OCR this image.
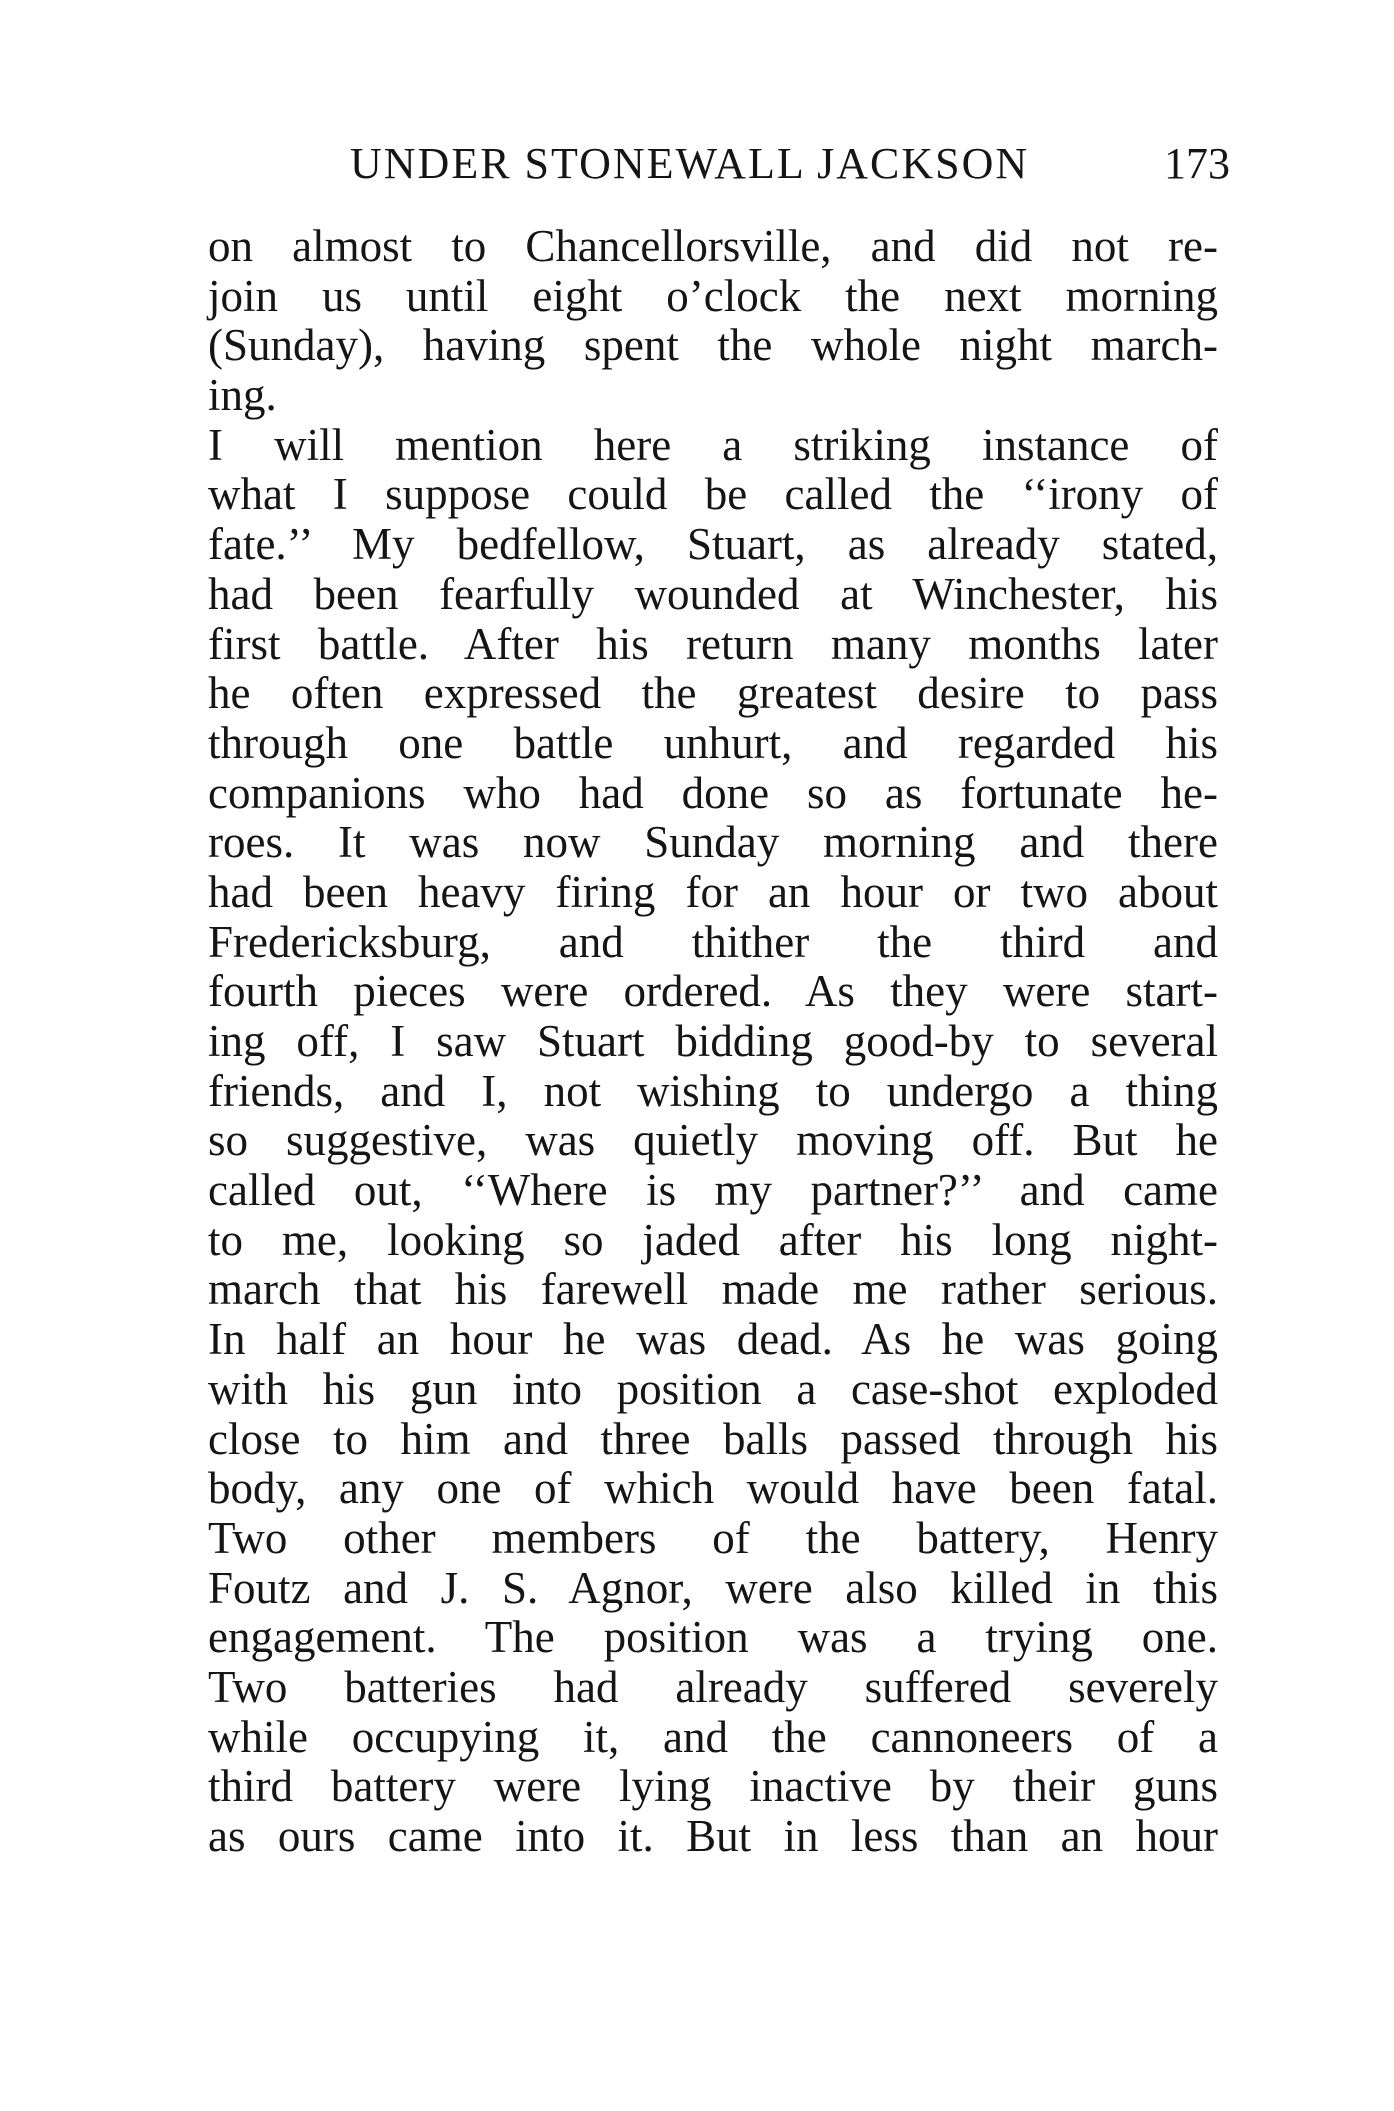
UNDER STONEWALL JACKSON	173
on almost to Chancellorsville, and did not re-
join us until eight o’clock the next morning
(Sunday), having spent the whole night march-
ing.
I will mention here a striking instance of
what I suppose could be called the ‘‘irony of
fate.’’ My bedfellow, Stuart, as already stated,
had been fearfully wounded at Winchester, his
first battle. After his return many months later
he often expressed the greatest desire to pass
through one battle unhurt, and regarded his
companions who had done so as fortunate he-
roes. It was now Sunday morning and there
had been heavy firing for an hour or two about
Fredericksburg, and thither the third and
fourth pieces were ordered. As they were start-
ing off, I saw Stuart bidding good-by to several
friends, and I, not wishing to undergo a thing
so suggestive, was quietly moving off. But he
called out, ‘‘Where is my partner?’’ and came
to me, looking so jaded after his long night-
march that his farewell made me rather serious.
In half an hour he was dead. As he was going
with his gun into position a case-shot exploded
close to him and three balls passed through his
body, any one of which would have been fatal.
Two other members of the battery, Henry
Foutz and J. S. Agnor, were also killed in this
engagement. The position was a trying one.
Two batteries had already suffered severely
while occupying it, and the cannoneers of a
third battery were lying inactive by their guns
as ours came into it. But in less than an hour
